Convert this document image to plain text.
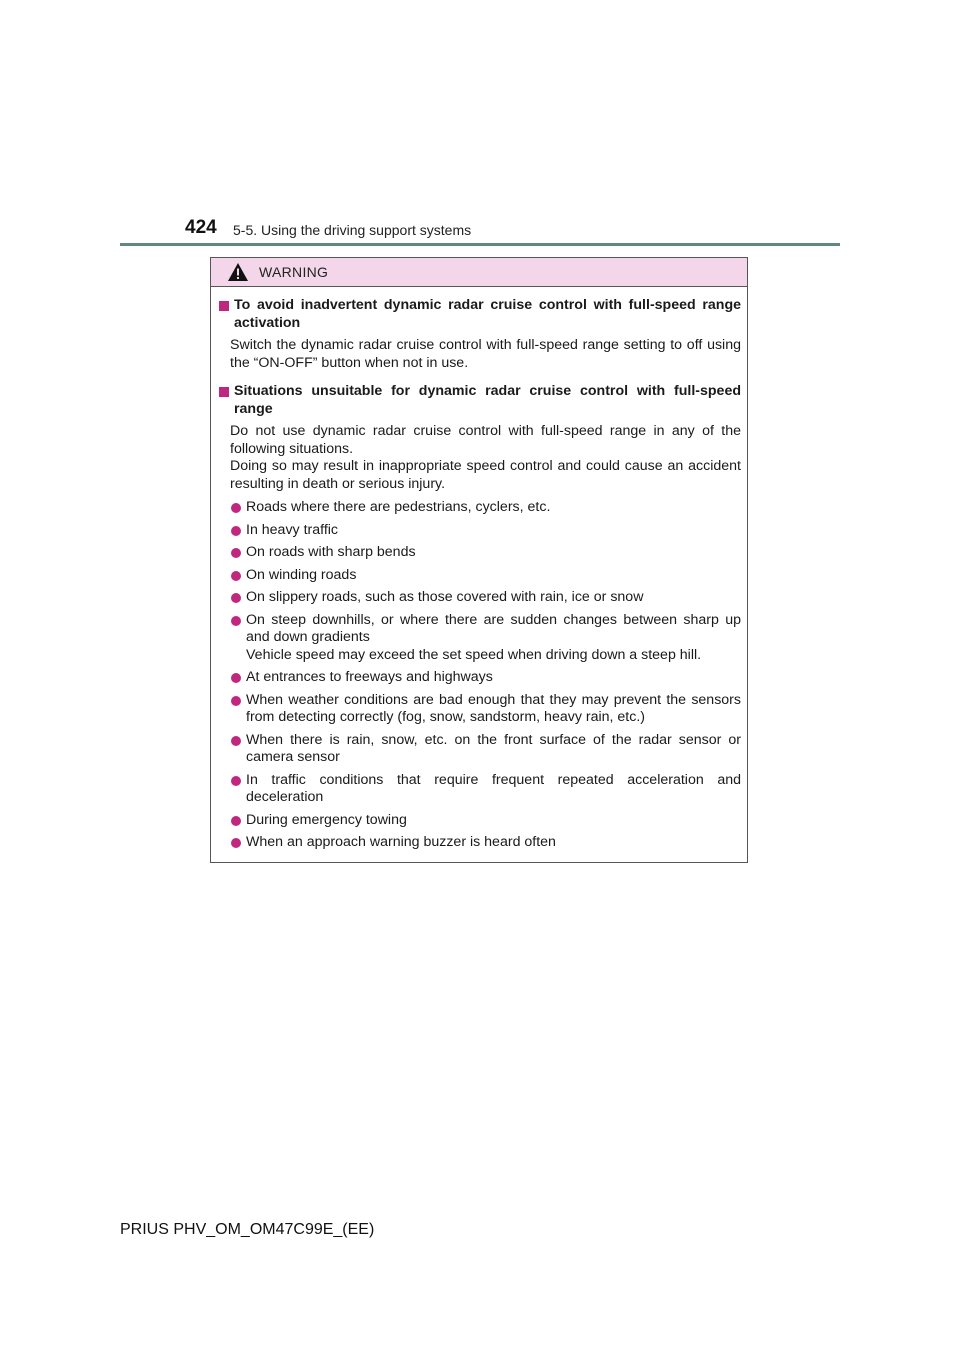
424 5-5. Using the driving support systems
WARNING
To avoid inadvertent dynamic radar cruise control with full-speed range activation
Switch the dynamic radar cruise control with full-speed range setting to off using the “ON-OFF” button when not in use.
Situations unsuitable for dynamic radar cruise control with full-speed range
Do not use dynamic radar cruise control with full-speed range in any of the following situations.
Doing so may result in inappropriate speed control and could cause an accident resulting in death or serious injury.
Roads where there are pedestrians, cyclers, etc.
In heavy traffic
On roads with sharp bends
On winding roads
On slippery roads, such as those covered with rain, ice or snow
On steep downhills, or where there are sudden changes between sharp up and down gradients
Vehicle speed may exceed the set speed when driving down a steep hill.
At entrances to freeways and highways
When weather conditions are bad enough that they may prevent the sensors from detecting correctly (fog, snow, sandstorm, heavy rain, etc.)
When there is rain, snow, etc. on the front surface of the radar sensor or camera sensor
In traffic conditions that require frequent repeated acceleration and deceleration
During emergency towing
When an approach warning buzzer is heard often
PRIUS PHV_OM_OM47C99E_(EE)
